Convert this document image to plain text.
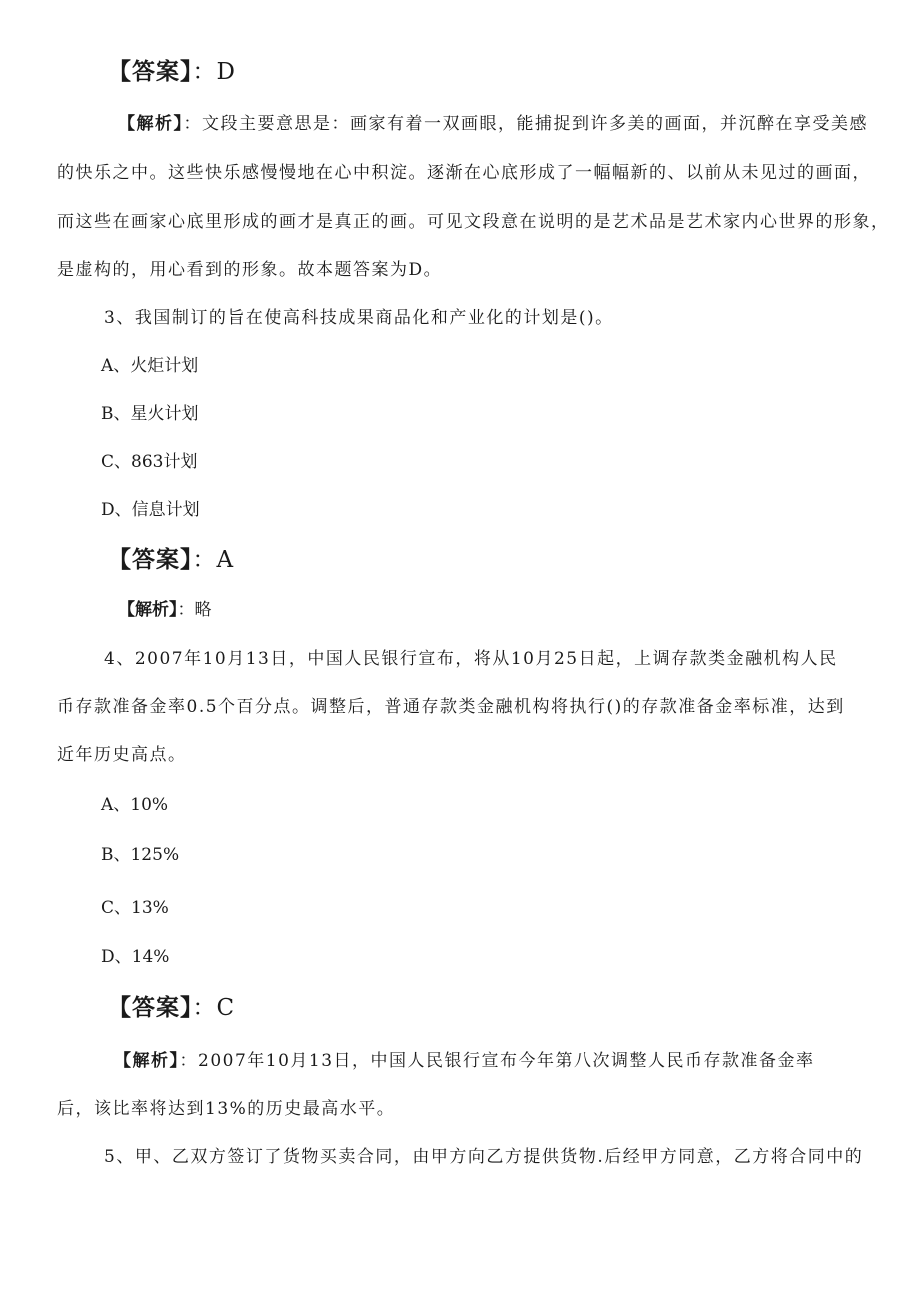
【答案】：D
【解析】：文段主要意思是：画家有着一双画眼，能捕捉到许多美的画面，并沉醉在享受美感
的快乐之中。这些快乐感慢慢地在心中积淀。逐渐在心底形成了一幅幅新的、以前从未见过的画面，
而这些在画家心底里形成的画才是真正的画。可见文段意在说明的是艺术品是艺术家内心世界的形象，
是虚构的，用心看到的形象。故本题答案为D。
3、我国制订的旨在使高科技成果商品化和产业化的计划是()。
A、火炬计划
B、星火计划
C、863计划
D、信息计划
【答案】：A
【解析】：略
4、2007年10月13日，中国人民银行宣布，将从10月25日起，上调存款类金融机构人民
币存款准备金率0.5个百分点。调整后，普通存款类金融机构将执行()的存款准备金率标准，达到
近年历史高点。
A、10%
B、125%
C、13%
D、14%
【答案】：C
【解析】：2007年10月13日，中国人民银行宣布今年第八次调整人民币存款准备金率
后，该比率将达到13%的历史最高水平。
5、甲、乙双方签订了货物买卖合同，由甲方向乙方提供货物.后经甲方同意，乙方将合同中的
